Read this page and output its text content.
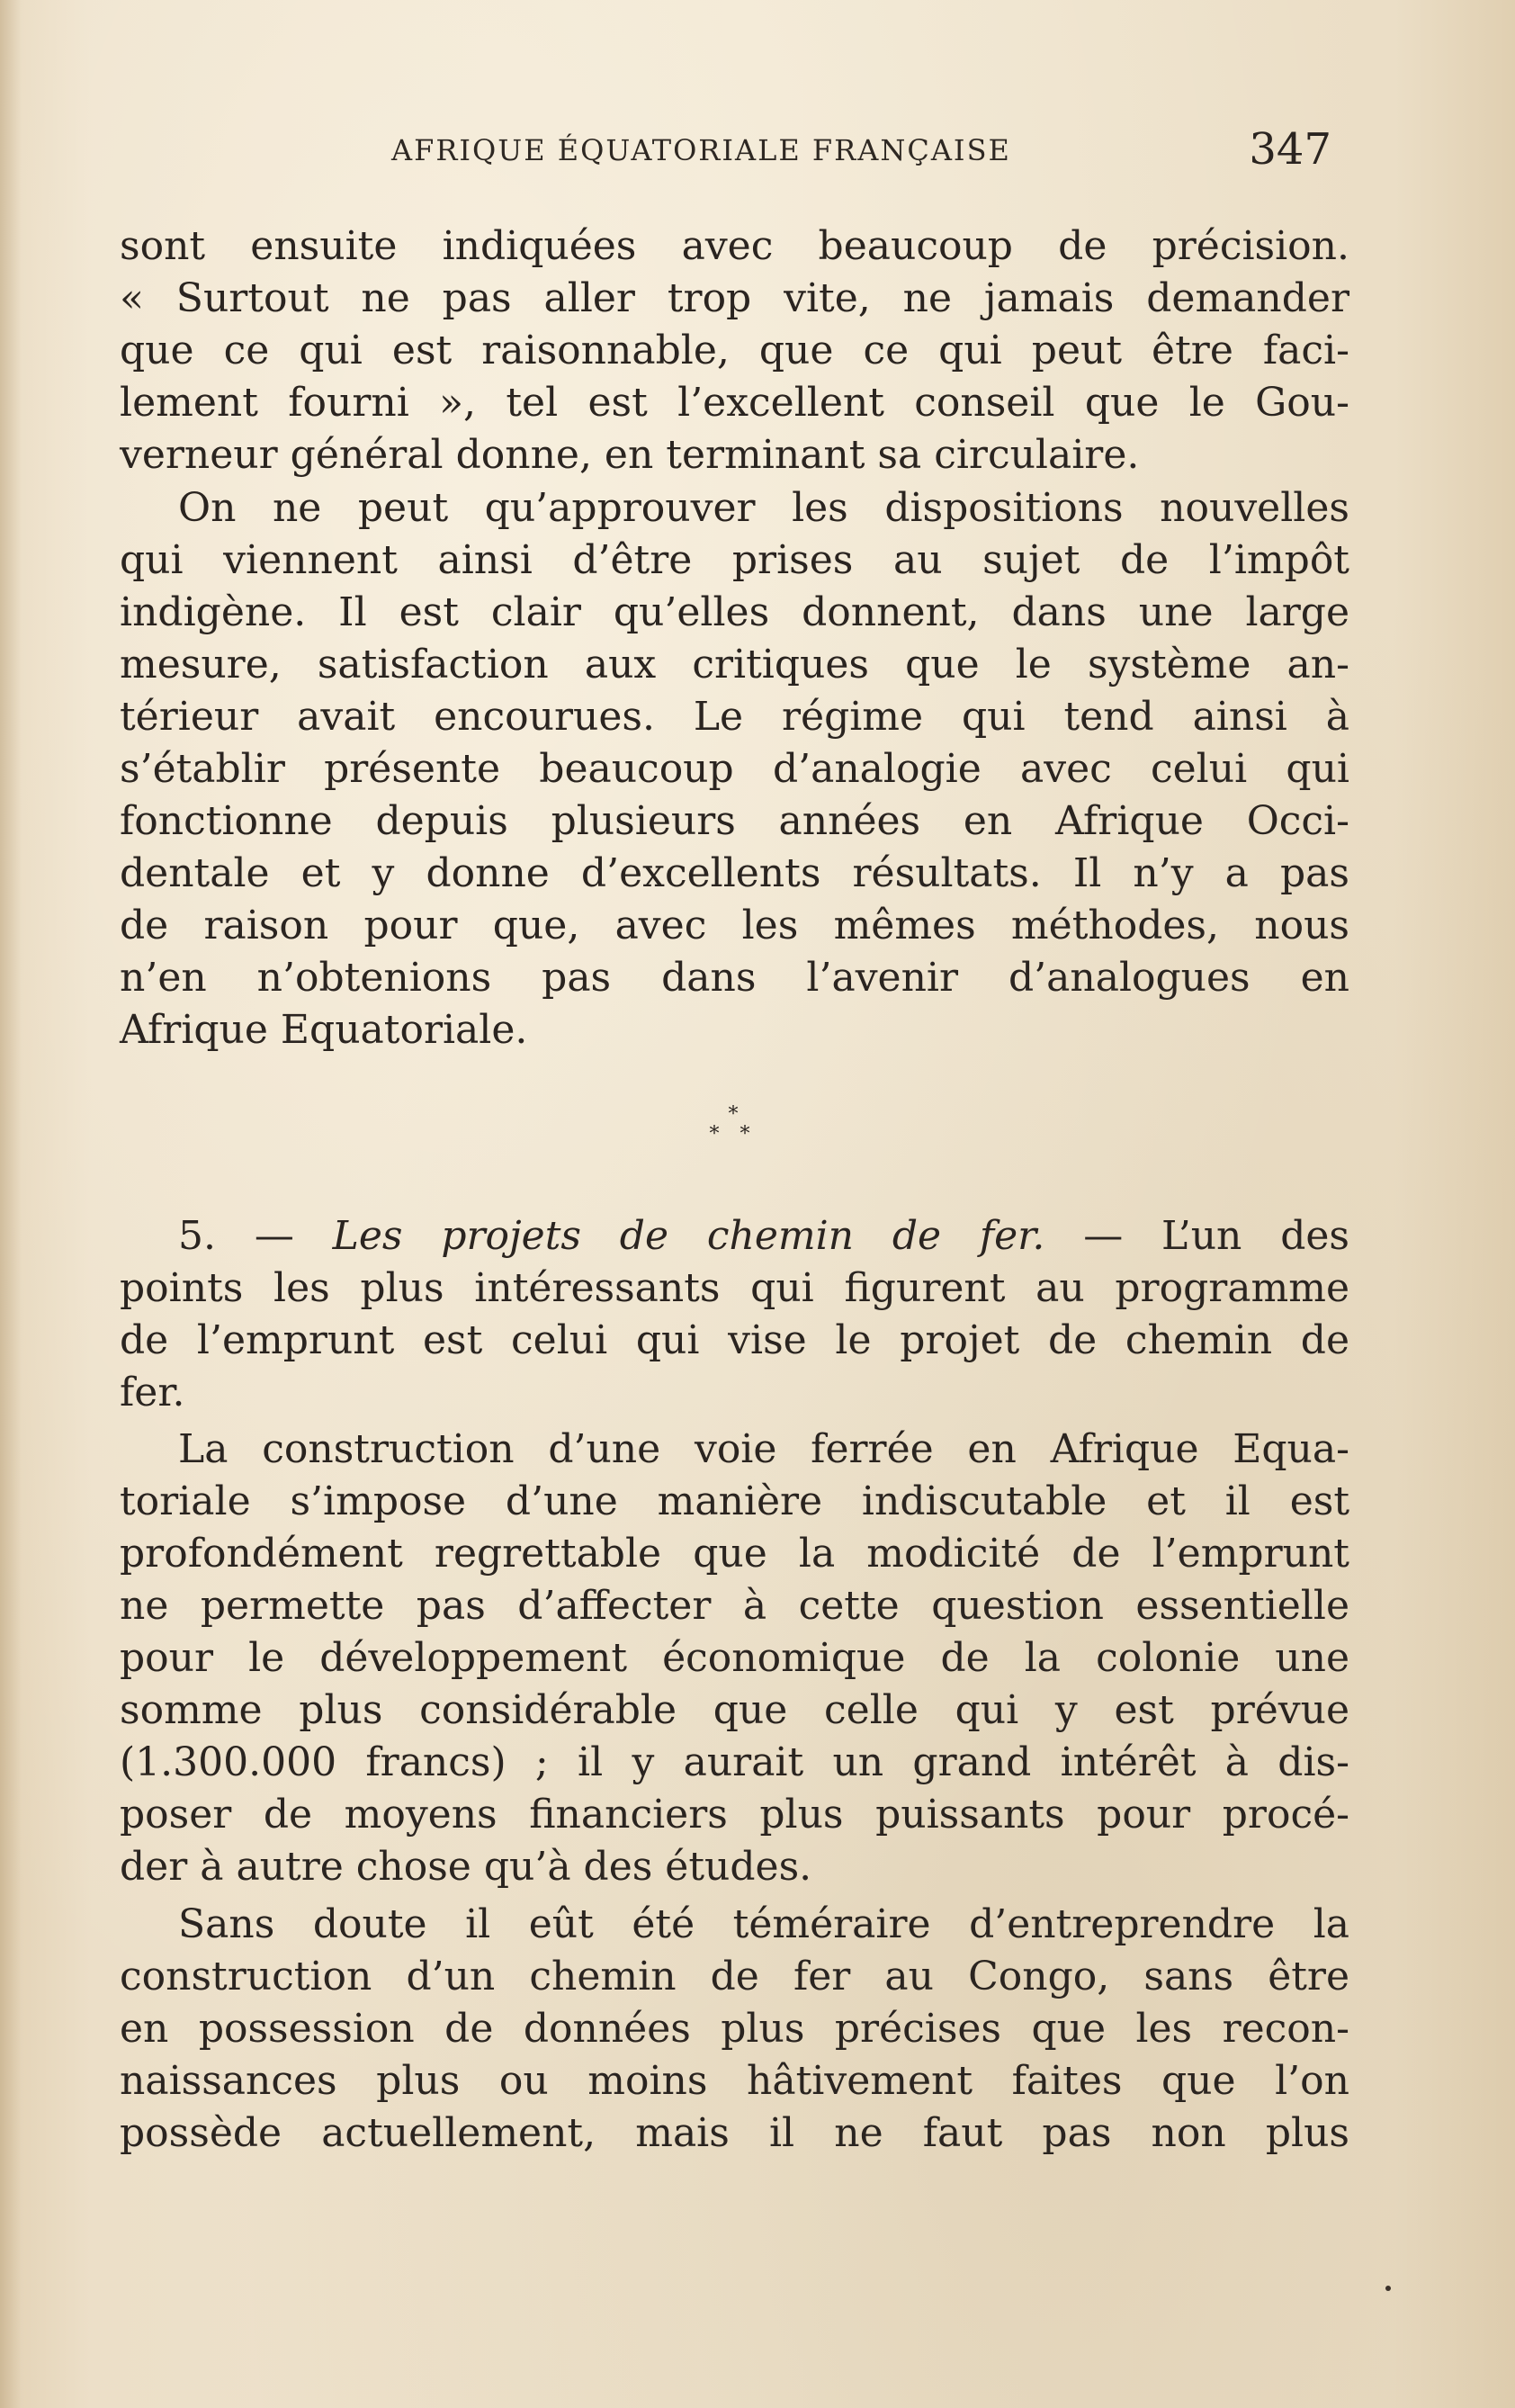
AFRIQUE ÉQUATORIALE FRANÇAISE	347
sont ensuite indiquées avec beaucoup de précision.
« Surtout ne pas aller trop vite, ne jamais demander
que ce qui est raisonnable, que ce qui peut être faci-
lement fourni », tel est l’excellent conseil que le Gou-
verneur général donne, en terminant sa circulaire.
On ne peut qu’approuver les dispositions nouvelles
qui viennent ainsi d’être prises au sujet de l’impôt
indigène. Il est clair qu’elles donnent, dans une large
mesure, satisfaction aux critiques que le système an-
térieur avait encourues. Le régime qui tend ainsi à
s’établir présente beaucoup d’analogie avec celui qui
fonctionne depuis plusieurs années en Afrique Occi-
dentale et y donne d’excellents résultats. Il n’y a pas
de raison pour que, avec les mêmes méthodes, nous
n’en n’obtenions pas dans l’avenir d’analogues en
Afrique Equatoriale.
*
* *
5. — Les projets de chemin de fer. — L’un des
points les plus intéressants qui figurent au programme
de l’emprunt est celui qui vise le projet de chemin de
fer.
La construction d’une voie ferrée en Afrique Equa-
toriale s’impose d’une manière indiscutable et il est
profondément regrettable que la modicité de l’emprunt
ne permette pas d’affecter à cette question essentielle
pour le développement économique de la colonie une
somme plus considérable que celle qui y est prévue
(1.300.000 francs) ; il y aurait un grand intérêt à dis-
poser de moyens financiers plus puissants pour procé-
der à autre chose qu’à des études.
Sans doute il eût été téméraire d’entreprendre la
construction d’un chemin de fer au Congo, sans être
en possession de données plus précises que les recon-
naissances plus ou moins hâtivement faites que l’on
possède actuellement, mais il ne faut pas non plus
